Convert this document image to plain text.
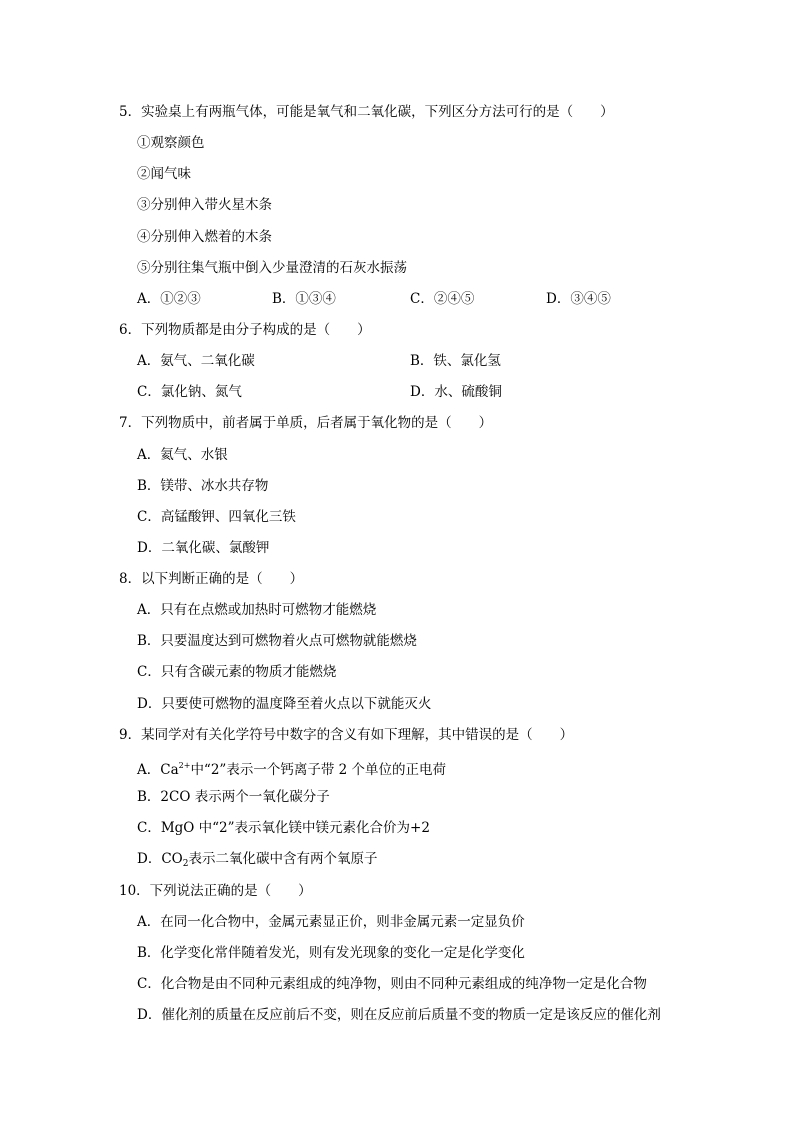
5．实验桌上有两瓶气体，可能是氧气和二氧化碳，下列区分方法可行的是（　　）
①观察颜色
②闻气味
③分别伸入带火星木条
④分别伸入燃着的木条
⑤分别往集气瓶中倒入少量澄清的石灰水振荡
A．①②③	B．①③④	C．②④⑤	D．③④⑤
6．下列物质都是由分子构成的是（　　）
A．氨气、二氧化碳	B．铁、氯化氢
C．氯化钠、氮气	D．水、硫酸铜
7．下列物质中，前者属于单质，后者属于氧化物的是（　　）
A．氦气、水银
B．镁带、冰水共存物
C．高锰酸钾、四氧化三铁
D．二氧化碳、氯酸钾
8．以下判断正确的是（　　）
A．只有在点燃或加热时可燃物才能燃烧
B．只要温度达到可燃物着火点可燃物就能燃烧
C．只有含碳元素的物质才能燃烧
D．只要使可燃物的温度降至着火点以下就能灭火
9．某同学对有关化学符号中数字的含义有如下理解，其中错误的是（　　）
A．$Ca^{2+}$中“2”表示一个钙离子带 2 个单位的正电荷
B．2CO 表示两个一氧化碳分子
C．MgO 中“2”表示氧化镁中镁元素化合价为+2
D．$CO_2$表示二氧化碳中含有两个氧原子
10．下列说法正确的是（　　）
A．在同一化合物中，金属元素显正价，则非金属元素一定显负价
B．化学变化常伴随着发光，则有发光现象的变化一定是化学变化
C．化合物是由不同种元素组成的纯净物，则由不同种元素组成的纯净物一定是化合物
D．催化剂的质量在反应前后不变，则在反应前后质量不变的物质一定是该反应的催化剂
